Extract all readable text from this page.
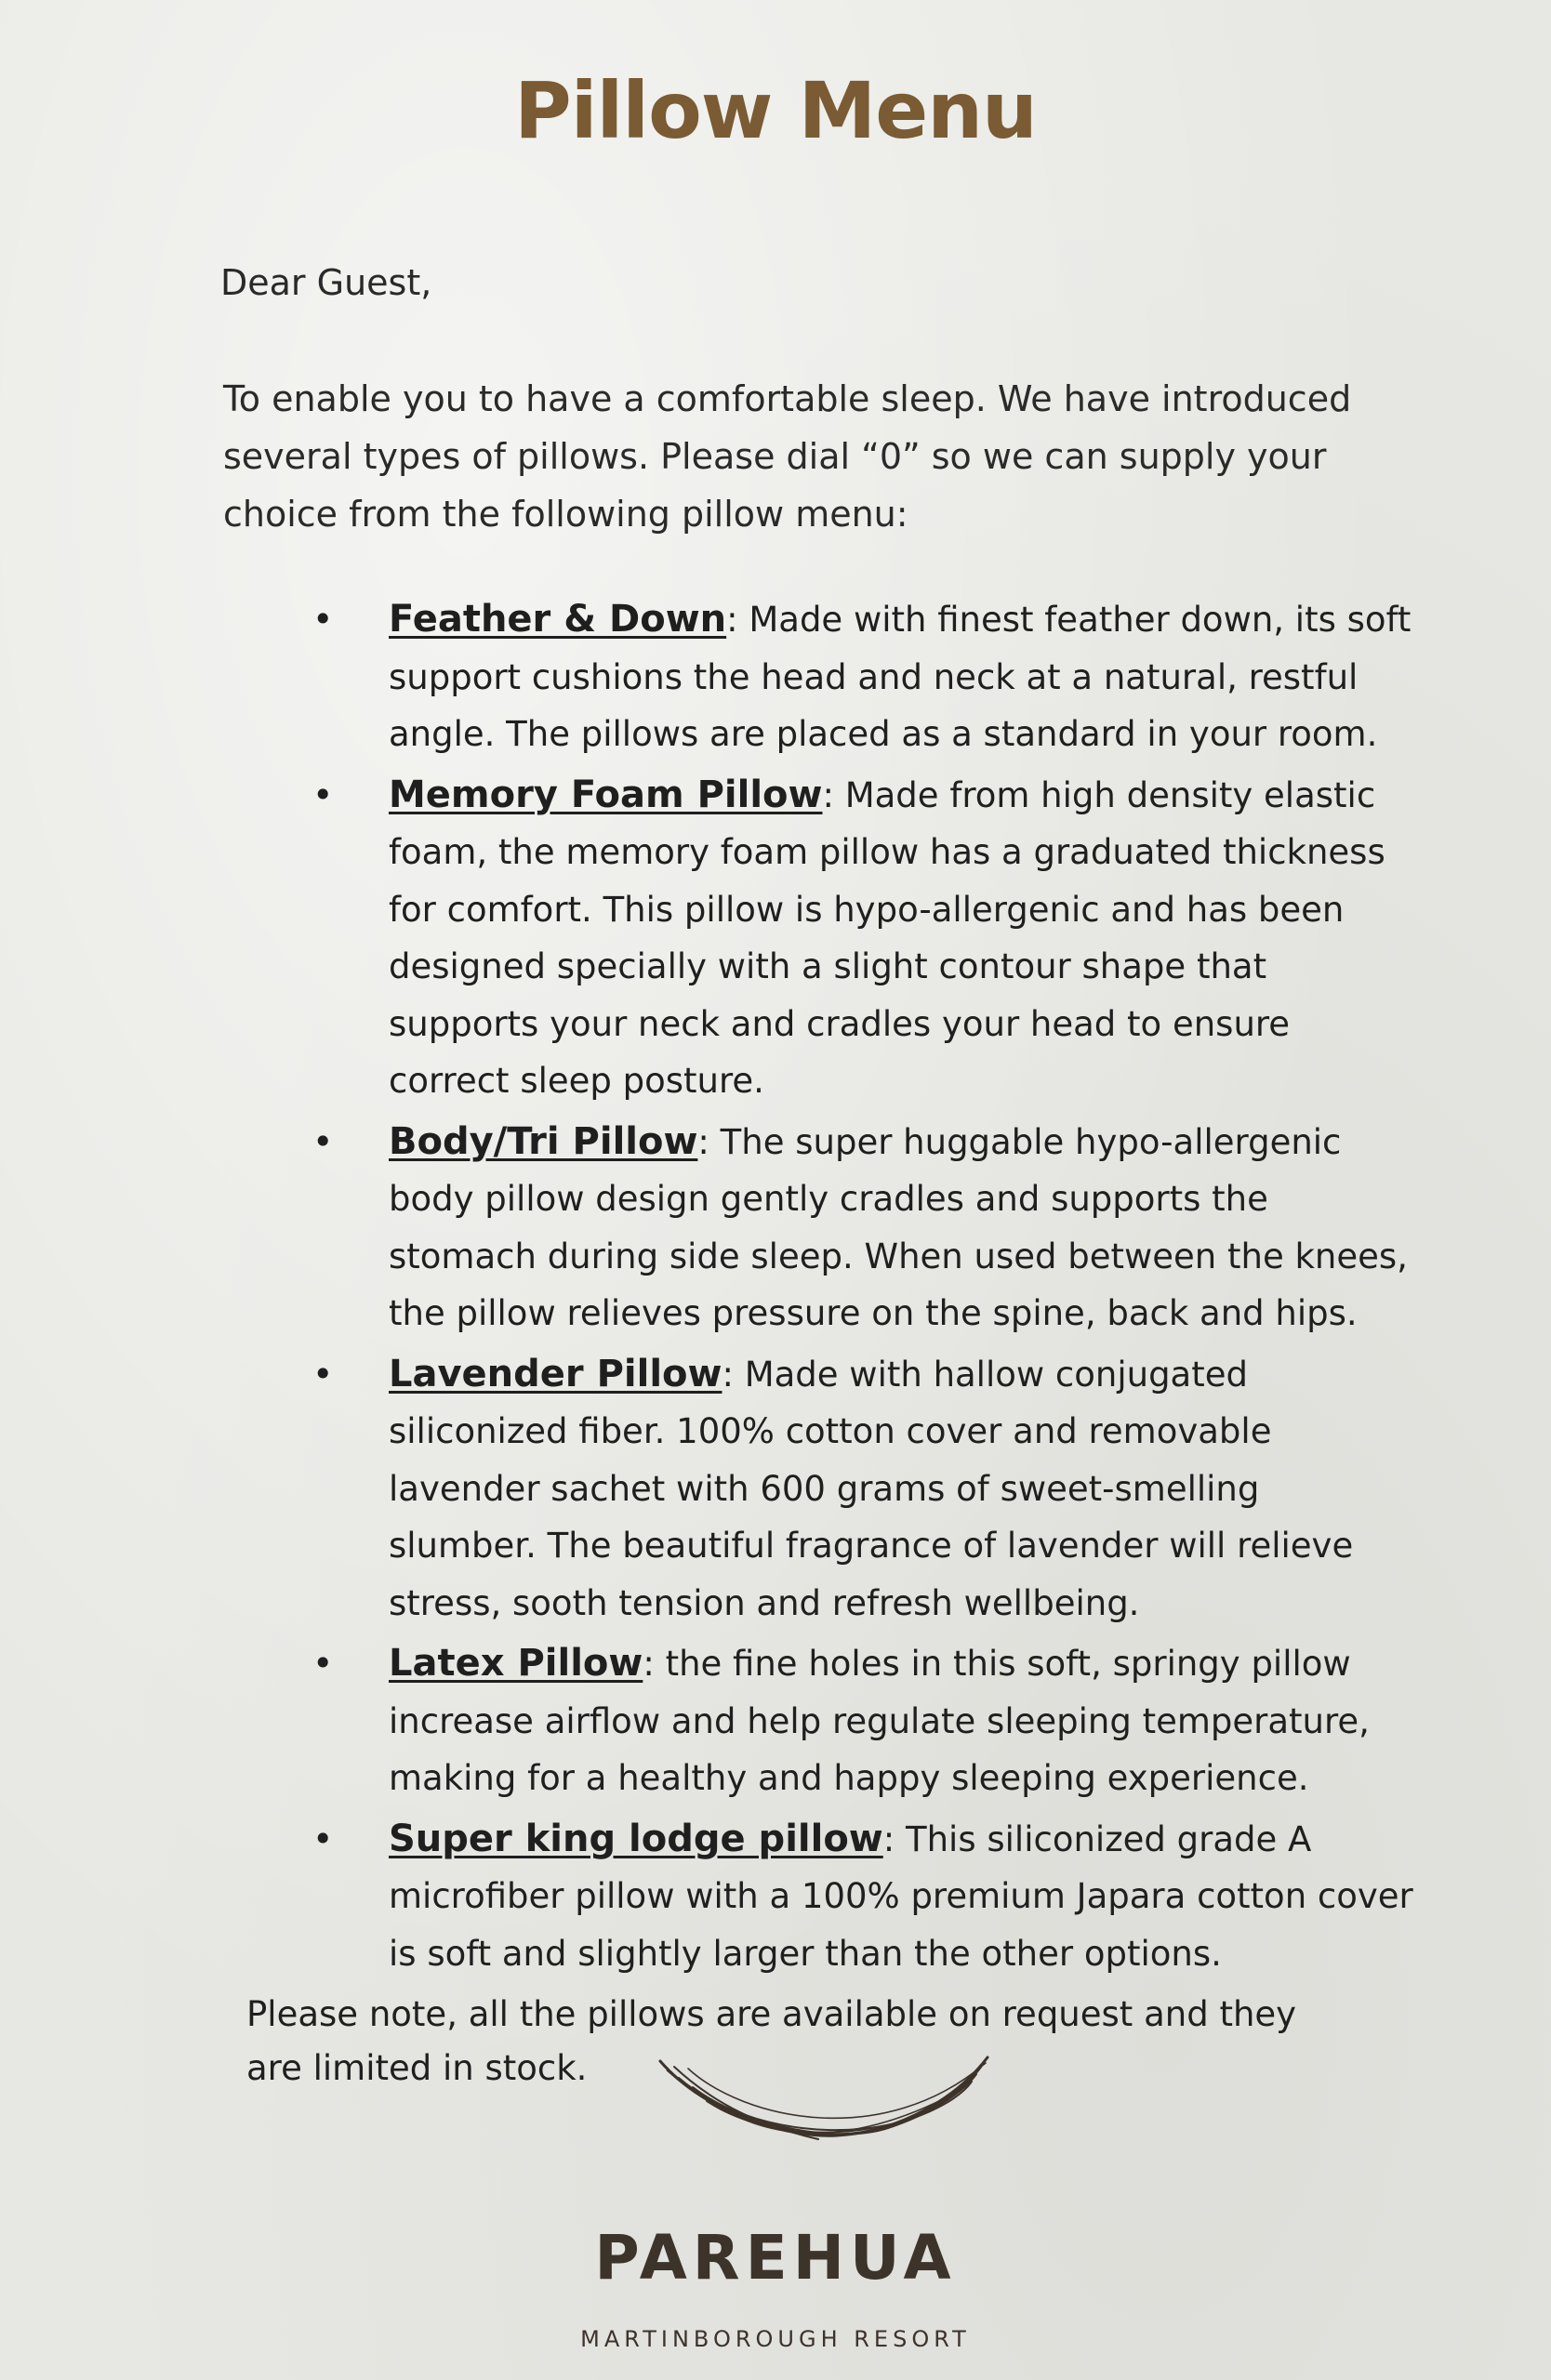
Pillow Menu
Dear Guest,
To enable you to have a comfortable sleep. We have introduced several types of pillows. Please dial “0” so we can supply your choice from the following pillow menu:
• Feather & Down: Made with finest feather down, its soft support cushions the head and neck at a natural, restful angle. The pillows are placed as a standard in your room.
• Memory Foam Pillow: Made from high density elastic foam, the memory foam pillow has a graduated thickness for comfort. This pillow is hypo-allergenic and has been designed specially with a slight contour shape that supports your neck and cradles your head to ensure correct sleep posture.
• Body/Tri Pillow: The super huggable hypo-allergenic body pillow design gently cradles and supports the stomach during side sleep. When used between the knees, the pillow relieves pressure on the spine, back and hips.
• Lavender Pillow: Made with hallow conjugated siliconized fiber. 100% cotton cover and removable lavender sachet with 600 grams of sweet-smelling slumber. The beautiful fragrance of lavender will relieve stress, sooth tension and refresh wellbeing.
• Latex Pillow: the fine holes in this soft, springy pillow increase airflow and help regulate sleeping temperature, making for a healthy and happy sleeping experience.
• Super king lodge pillow: This siliconized grade A microfiber pillow with a 100% premium Japara cotton cover is soft and slightly larger than the other options.
Please note, all the pillows are available on request and they are limited in stock.
PAREHUA
MARTINBOROUGH RESORT
